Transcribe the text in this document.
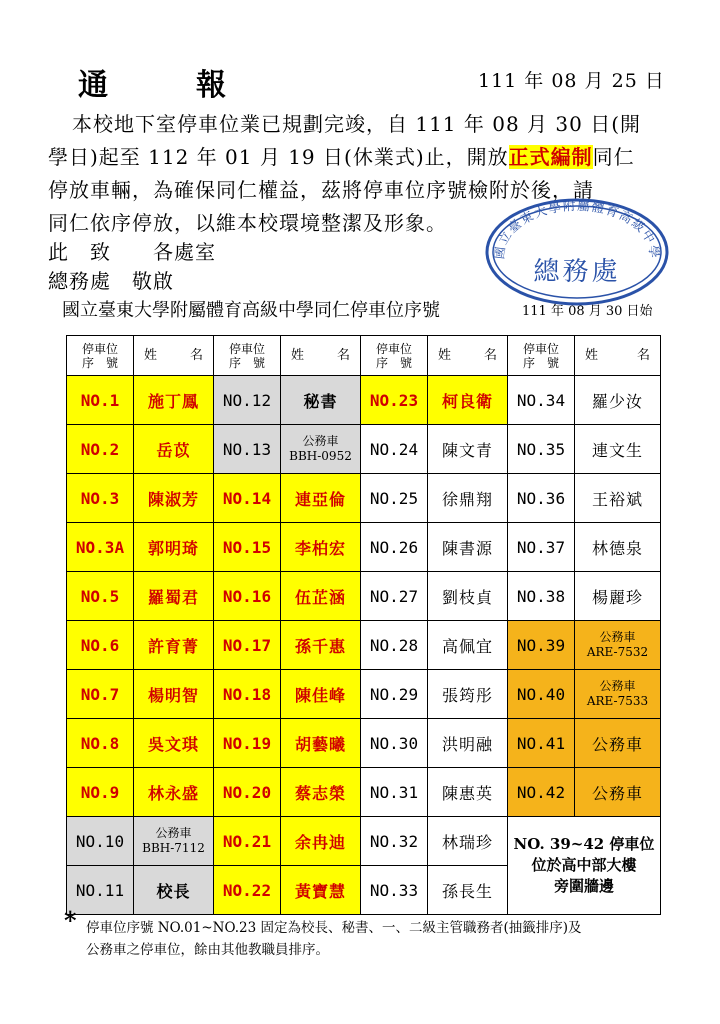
通報	111 年 08 月 25 日
本校地下室停車位業已規劃完竣，自 111 年 08 月 30 日(開
學日)起至 112 年 01 月 19 日(休業式)止，開放正式編制同仁
停放車輛，為確保同仁權益，茲將停車位序號檢附於後，請
同仁依序停放，以維本校環境整潔及形象。
此　致　　各處室
總務處　敬啟
國立臺東大學附屬體育高級中學
總務處
國立臺東大學附屬體育高級中學同仁停車位序號	111 年 08 月 30 日始
停車位
序　號	姓 名	停車位
序　號	姓 名	停車位
序　號	姓 名	停車位
序　號	姓 名

NO.1	施丁鳳	NO.12	秘書	NO.23	柯良衛	NO.34	羅少汝
NO.2	岳苡	NO.13	公務車
BBH-0952	NO.24	陳文青	NO.35	連文生
NO.3	陳淑芳	NO.14	連亞倫	NO.25	徐鼎翔	NO.36	王裕斌
NO.3A	郭明琦	NO.15	李柏宏	NO.26	陳書源	NO.37	林德泉
NO.5	羅蜀君	NO.16	伍芷涵	NO.27	劉枝貞	NO.38	楊麗珍
NO.6	許育菁	NO.17	孫千惠	NO.28	高佩宜	NO.39	公務車
ARE-7532
NO.7	楊明智	NO.18	陳佳峰	NO.29	張筠彤	NO.40	公務車
ARE-7533
NO.8	吳文琪	NO.19	胡藝曦	NO.30	洪明融	NO.41	公務車
NO.9	林永盛	NO.20	蔡志榮	NO.31	陳惠英	NO.42	公務車
NO.10	公務車
BBH-7112	NO.21	余冉迪	NO.32	林瑞珍	NO. 39~42 停車位
位於高中部大樓
旁圍牆邊	
NO.11	校長	NO.22	黃寶慧	NO.33	孫長生		
* 停車位序號 NO.01~NO.23 固定為校長、秘書、一、二級主管職務者(抽籤排序)及
公務車之停車位，餘由其他教職員排序。
